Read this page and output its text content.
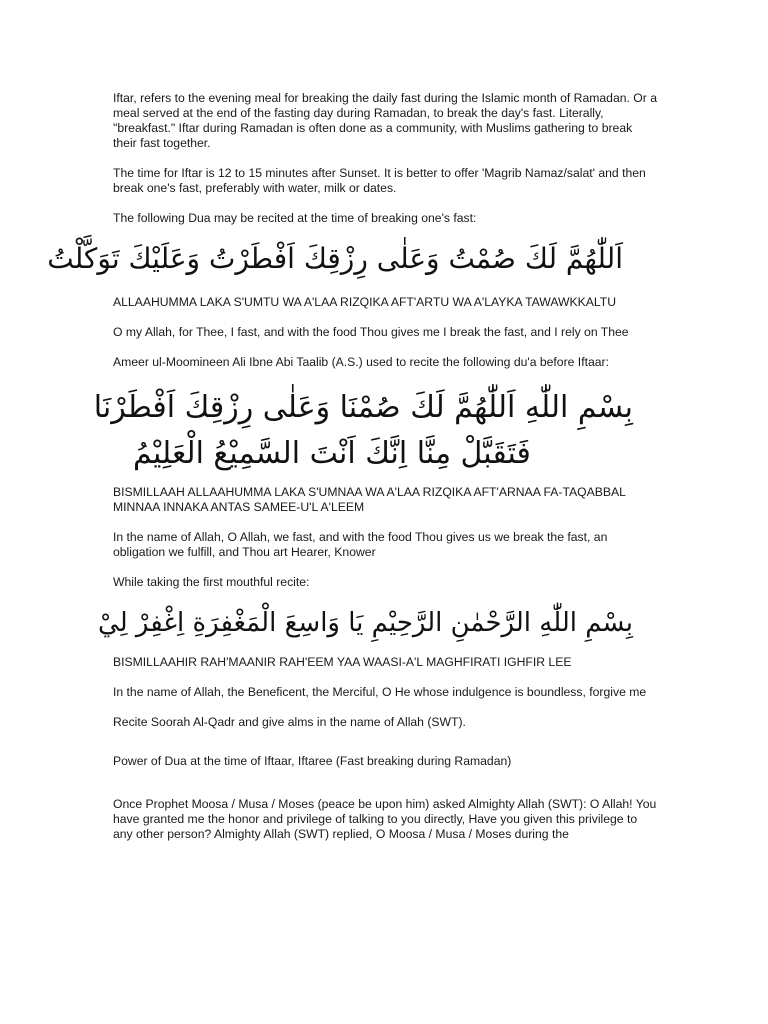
Iftar, refers to the evening meal for breaking the daily fast during the Islamic month of Ramadan. Or a meal served at the end of the fasting day during Ramadan, to break the day's fast. Literally, "breakfast." Iftar during Ramadan is often done as a community, with Muslims gathering to break their fast together.

The time for Iftar is 12 to 15 minutes after Sunset. It is better to offer 'Magrib Namaz/salat' and then break one's fast, preferably with water, milk or dates.

The following Dua may be recited at the time of breaking one's fast:

اَللّٰهُمَّ لَكَ صُمْتُ وَعَلٰى رِزْقِكَ اَفْطَرْتُ وَعَلَيْكَ تَوَكَّلْتُ

ALLAAHUMMA LAKA S'UMTU WA A'LAA RIZQIKA AFT'ARTU WA A'LAYKA TAWAWKKALTU

O my Allah, for Thee, I fast, and with the food Thou gives me I break the fast, and I rely on Thee

Ameer ul-Moomineen Ali Ibne Abi Taalib (A.S.) used to recite the following du'a before Iftaar:

بِسْمِ اللّٰهِ اَللّٰهُمَّ لَكَ صُمْنَا وَعَلٰى رِزْقِكَ اَفْطَرْنَا
فَتَقَبَّلْ مِنَّا اِنَّكَ اَنْتَ السَّمِيْعُ الْعَلِيْمُ

BISMILLAAH ALLAAHUMMA LAKA S'UMNAA WA A'LAA RIZQIKA AFT'ARNAA FA-TAQABBAL MINNAA INNAKA ANTAS SAMEE-U'L A'LEEM

In the name of Allah, O Allah, we fast, and with the food Thou gives us we break the fast, an obligation we fulfill, and Thou art Hearer, Knower

While taking the first mouthful recite:

بِسْمِ اللّٰهِ الرَّحْمٰنِ الرَّحِيْمِ يَا وَاسِعَ الْمَغْفِرَةِ اِغْفِرْ لِيْ

BISMILLAAHIR RAH'MAANIR RAH'EEM YAA WAASI-A'L MAGHFIRATI IGHFIR LEE

In the name of Allah, the Beneficent, the Merciful, O He whose indulgence is boundless, forgive me

Recite Soorah Al-Qadr and give alms in the name of Allah (SWT).

Power of Dua at the time of Iftaar, Iftaree (Fast breaking during Ramadan)

Once Prophet Moosa / Musa / Moses (peace be upon him) asked Almighty Allah (SWT): O Allah! You have granted me the honor and privilege of talking to you directly, Have you given this privilege to any other person? Almighty Allah (SWT) replied, O Moosa / Musa / Moses during the
